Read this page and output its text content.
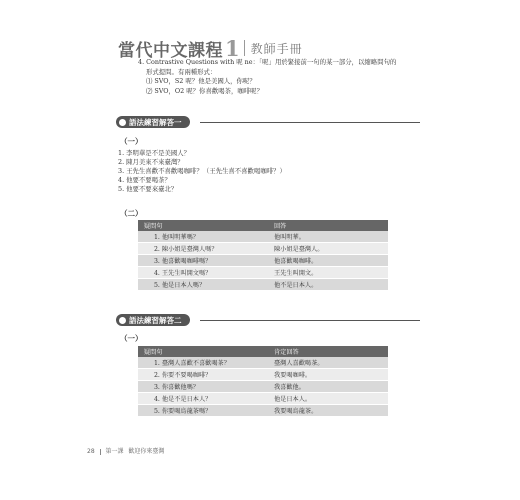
當代中文課程 1 教師手冊
4. Contrastive Questions with 呢 ne：「呢」用於緊接前一句的某一部分，以縮略問句的
形式提問。有兩種形式：
⑴ SVO，S2 呢？他是美國人，你呢？
⑵ SVO，O2 呢？你喜歡喝茶，咖啡呢？
語法練習解答一
（一）
1. 李明華是不是美國人？
2. 陳月美來不來臺灣？
3. 王先生喜歡不喜歡喝咖啡？（王先生喜不喜歡喝咖啡？）
4. 他要不要喝茶？
5. 他要不要來臺北？
（二）
疑問句	回答
1. 他叫明華嗎？	他叫明華。
2. 陳小姐是臺灣人嗎？	陳小姐是臺灣人。
3. 他喜歡喝咖啡嗎？	他喜歡喝咖啡。
4. 王先生叫開文嗎？	王先生叫開文。
5. 他是日本人嗎？	他不是日本人。
語法練習解答二
（一）
疑問句	肯定回答
1. 臺灣人喜歡不喜歡喝茶？	臺灣人喜歡喝茶。
2. 你要不要喝咖啡？	我要喝咖啡。
3. 你喜歡他嗎？	我喜歡他。
4. 他是不是日本人？	他是日本人。
5. 你要喝烏龍茶嗎？	我要喝烏龍茶。
28 第一課 歡迎你來臺灣
